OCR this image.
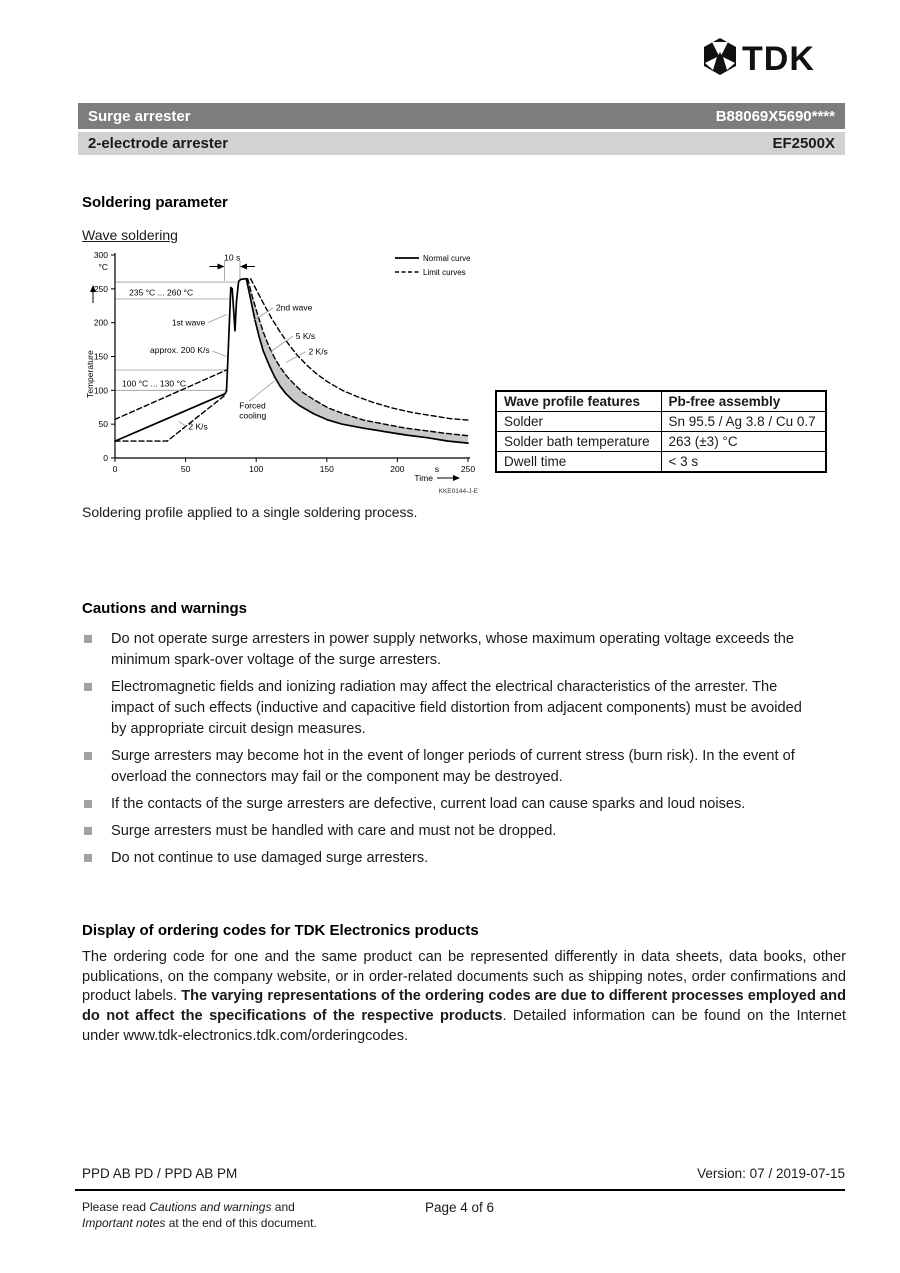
TDK
Surge arrester	B88069X5690****
2-electrode arrester	EF2500X
Soldering parameter
Wave soldering
10 s
0
50
100
150
200
250
300
°C
0	50	100	150	200	250
s
Time
Temperature
235 °C ... 260 °C
100 °C ... 130 °C
1st wave
2nd wave
approx. 200 K/s
5 K/s
2 K/s
Forced cooling
2 K/s
Normal curve
Limit curves
KKE0144-J-E
Wave profile features	Pb-free assembly
Solder	Sn 95.5 / Ag 3.8 / Cu 0.7
Solder bath temperature	263 (±3) °C
Dwell time	< 3 s
Soldering profile applied to a single soldering process.
Cautions and warnings
Do not operate surge arresters in power supply networks, whose maximum operating voltage exceeds the minimum spark-over voltage of the surge arresters.
Electromagnetic fields and ionizing radiation may affect the electrical characteristics of the arrester. The impact of such effects (inductive and capacitive field distortion from adjacent components) must be avoided by appropriate circuit design measures.
Surge arresters may become hot in the event of longer periods of current stress (burn risk). In the event of overload the connectors may fail or the component may be destroyed.
If the contacts of the surge arresters are defective, current load can cause sparks and loud noises.
Surge arresters must be handled with care and must not be dropped.
Do not continue to use damaged surge arresters.
Display of ordering codes for TDK Electronics products

The ordering code for one and the same product can be represented differently in data sheets, data books, other publications, on the company website, or in order-related documents such as shipping notes, order confirmations and product labels. The varying representations of the ordering codes are due to different processes employed and do not affect the specifications of the respective products. Detailed information can be found on the Internet under www.tdk-electronics.tdk.com/orderingcodes.

PPD AB PD / PPD AB PM	Version: 07 / 2019-07-15
Please read Cautions and warnings and
Important notes at the end of this document.
Page 4 of 6
